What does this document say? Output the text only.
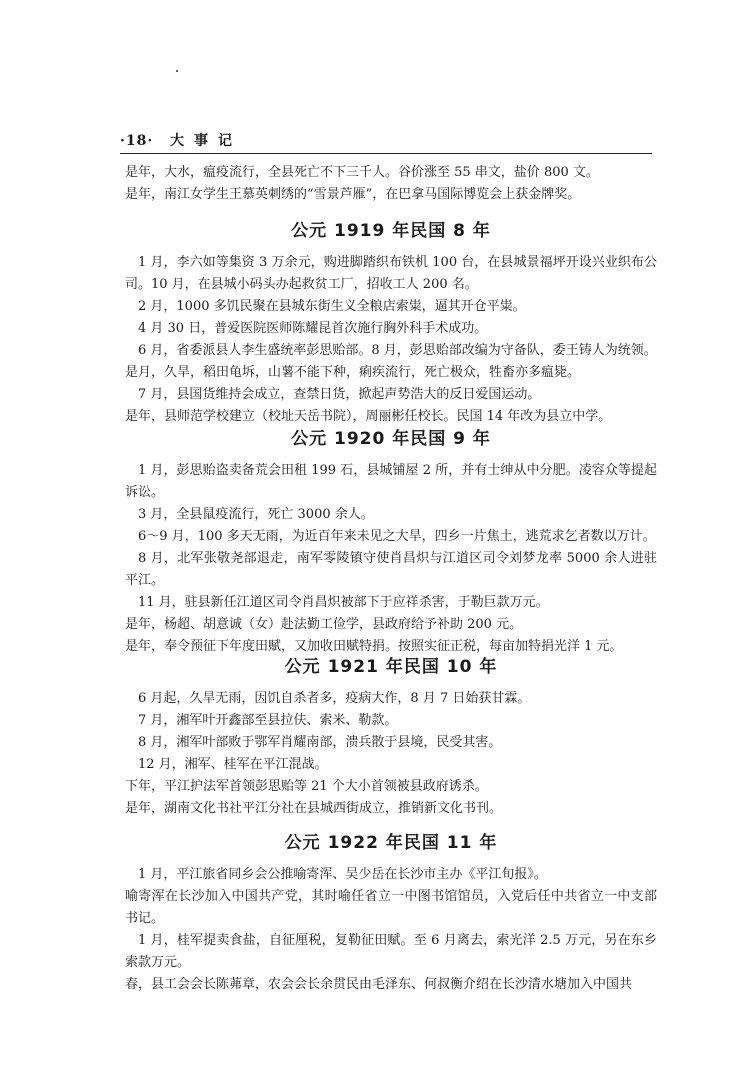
·18· 大事记

是年，大水，瘟疫流行，全县死亡不下三千人。谷价涨至 55 串文，盐价 800 文。

是年，南江女学生王慕英刺绣的“雪景芦雁”，在巴拿马国际博览会上获金牌奖。

公元 1919 年民国 8 年

1 月，李六如等集资 3 万余元，购进脚踏织布铁机 100 台，在县城景福坪开设兴业织布公司。10 月，在县城小码头办起救贫工厂，招收工人 200 名。

2 月，1000 多饥民聚在县城东街生义全粮店索粜，逼其开仓平粜。

4 月 30 日，普爱医院医师陈耀昆首次施行胸外科手术成功。

6 月，省委派县人李生盛统率彭思贻部。8 月，彭思贻部改编为守备队，委王铸人为统领。

是月，久旱，稻田龟坼，山薯不能下种，痢疾流行，死亡极众，牲畜亦多瘟毙。

7 月，县国货维持会成立，查禁日货，掀起声势浩大的反日爱国运动。

是年，县师范学校建立（校址天岳书院），周丽彬任校长。民国 14 年改为县立中学。

公元 1920 年民国 9 年

1 月，彭思贻盗卖备荒会田租 199 石，县城铺屋 2 所，并有士绅从中分肥。凌容众等提起诉讼。

3 月，全县鼠疫流行，死亡 3000 余人。

6～9 月，100 多天无雨，为近百年来未见之大旱，四乡一片焦土，逃荒求乞者数以万计。

8 月，北军张敬尧部退走，南军零陵镇守使肖昌炽与江道区司令刘梦龙率 5000 余人进驻平江。

11 月，驻县新任江道区司令肖昌炽被部下于应祥杀害，于勒巨款万元。

是年，杨超、胡意诚（女）赴法勤工俭学，县政府给予补助 200 元。

是年，奉令预征下年度田赋，又加收田赋特捐。按照实征正税，每亩加特捐光洋 1 元。

公元 1921 年民国 10 年

6 月起，久旱无雨，因饥自杀者多，疫病大作，8 月 7 日始获甘霖。

7 月，湘军叶开鑫部至县拉伕、索米、勒款。

8 月，湘军叶部败于鄂军肖耀南部，溃兵散于县境，民受其害。

12 月，湘军、桂军在平江混战。

下年，平江护法军首领彭思贻等 21 个大小首领被县政府诱杀。

是年，湖南文化书社平江分社在县城西街成立，推销新文化书刊。

公元 1922 年民国 11 年

1 月，平江旅省同乡会公推喻寄浑、吴少岳在长沙市主办《平江旬报》。

喻寄浑在长沙加入中国共产党，其时喻任省立一中图书馆馆员，入党后任中共省立一中支部书记。

1 月，桂军提卖食盐，自征厘税，复勒征田赋。至 6 月离去，索光洋 2.5 万元，另在东乡索款万元。

春，县工会会长陈茀章，农会会长余贯民由毛泽东、何叔衡介绍在长沙清水塘加入中国共
